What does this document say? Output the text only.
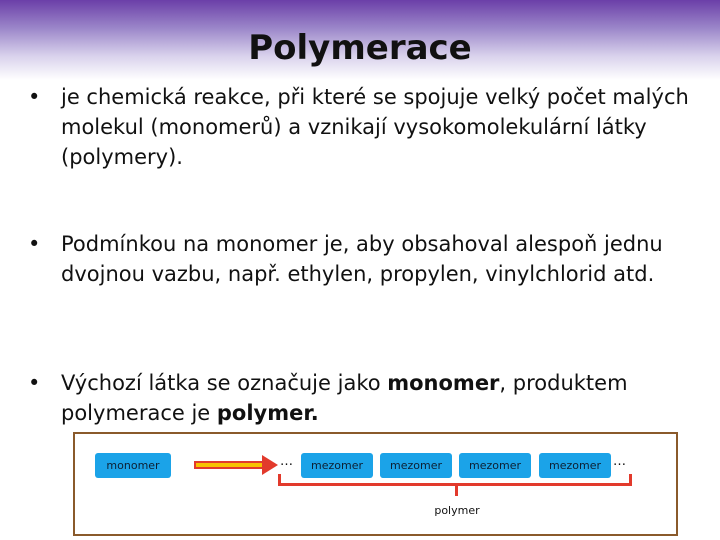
Polymerace
• je chemická reakce, při které se spojuje velký počet malých molekul (monomerů) a vznikají vysokomolekulární látky (polymery).
• Podmínkou na monomer je, aby obsahoval alespoň jednu dvojnou vazbu, např. ethylen, propylen, vinylchlorid atd.
• Výchozí látka se označuje jako monomer, produktem polymerace je polymer.
monomer	…	mezomer	mezomer	mezomer	mezomer …
polymer
